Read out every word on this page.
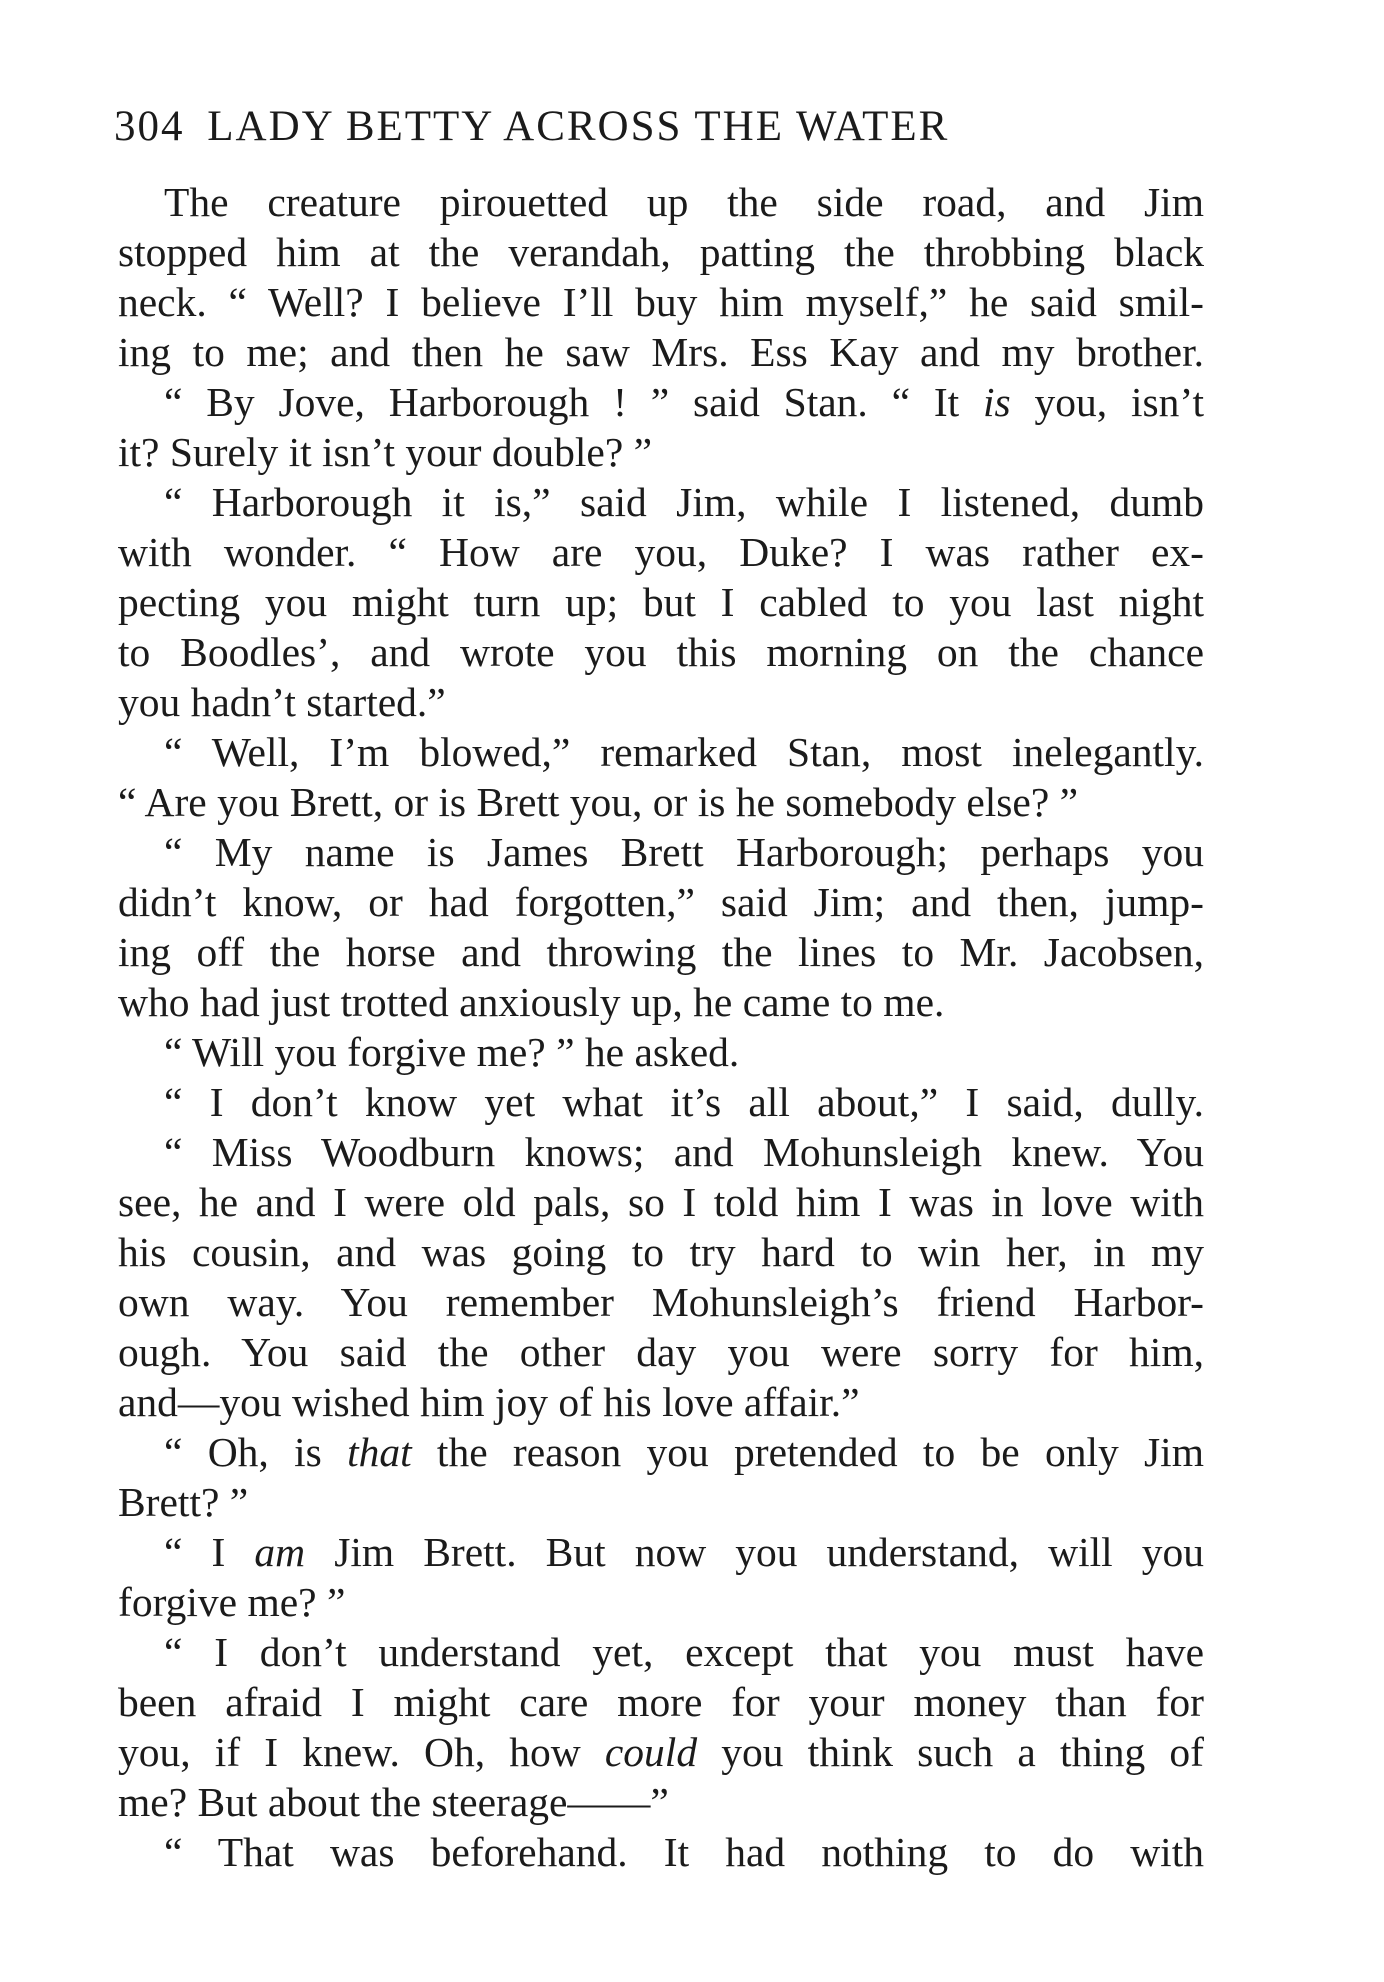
304 LADY BETTY ACROSS THE WATER
The creature pirouetted up the side road, and Jim
stopped him at the verandah, patting the throbbing black
neck. “ Well? I believe I’ll buy him myself,” he said smil-
ing to me; and then he saw Mrs. Ess Kay and my brother.
“ By Jove, Harborough ! ” said Stan. “ It is you, isn’t
it? Surely it isn’t your double? ”
“ Harborough it is,” said Jim, while I listened, dumb
with wonder. “ How are you, Duke? I was rather ex-
pecting you might turn up; but I cabled to you last night
to Boodles’, and wrote you this morning on the chance
you hadn’t started.”
“ Well, I’m blowed,” remarked Stan, most inelegantly.
“ Are you Brett, or is Brett you, or is he somebody else? ”
“ My name is James Brett Harborough; perhaps you
didn’t know, or had forgotten,” said Jim; and then, jump-
ing off the horse and throwing the lines to Mr. Jacobsen,
who had just trotted anxiously up, he came to me.
“ Will you forgive me? ” he asked.
“ I don’t know yet what it’s all about,” I said, dully.
“ Miss Woodburn knows; and Mohunsleigh knew. You
see, he and I were old pals, so I told him I was in love with
his cousin, and was going to try hard to win her, in my
own way. You remember Mohunsleigh’s friend Harbor-
ough. You said the other day you were sorry for him,
and—you wished him joy of his love affair.”
“ Oh, is that the reason you pretended to be only Jim
Brett? ”
“ I am Jim Brett. But now you understand, will you
forgive me? ”
“ I don’t understand yet, except that you must have
been afraid I might care more for your money than for
you, if I knew. Oh, how could you think such a thing of
me? But about the steerage——”
“ That was beforehand. It had nothing to do with
